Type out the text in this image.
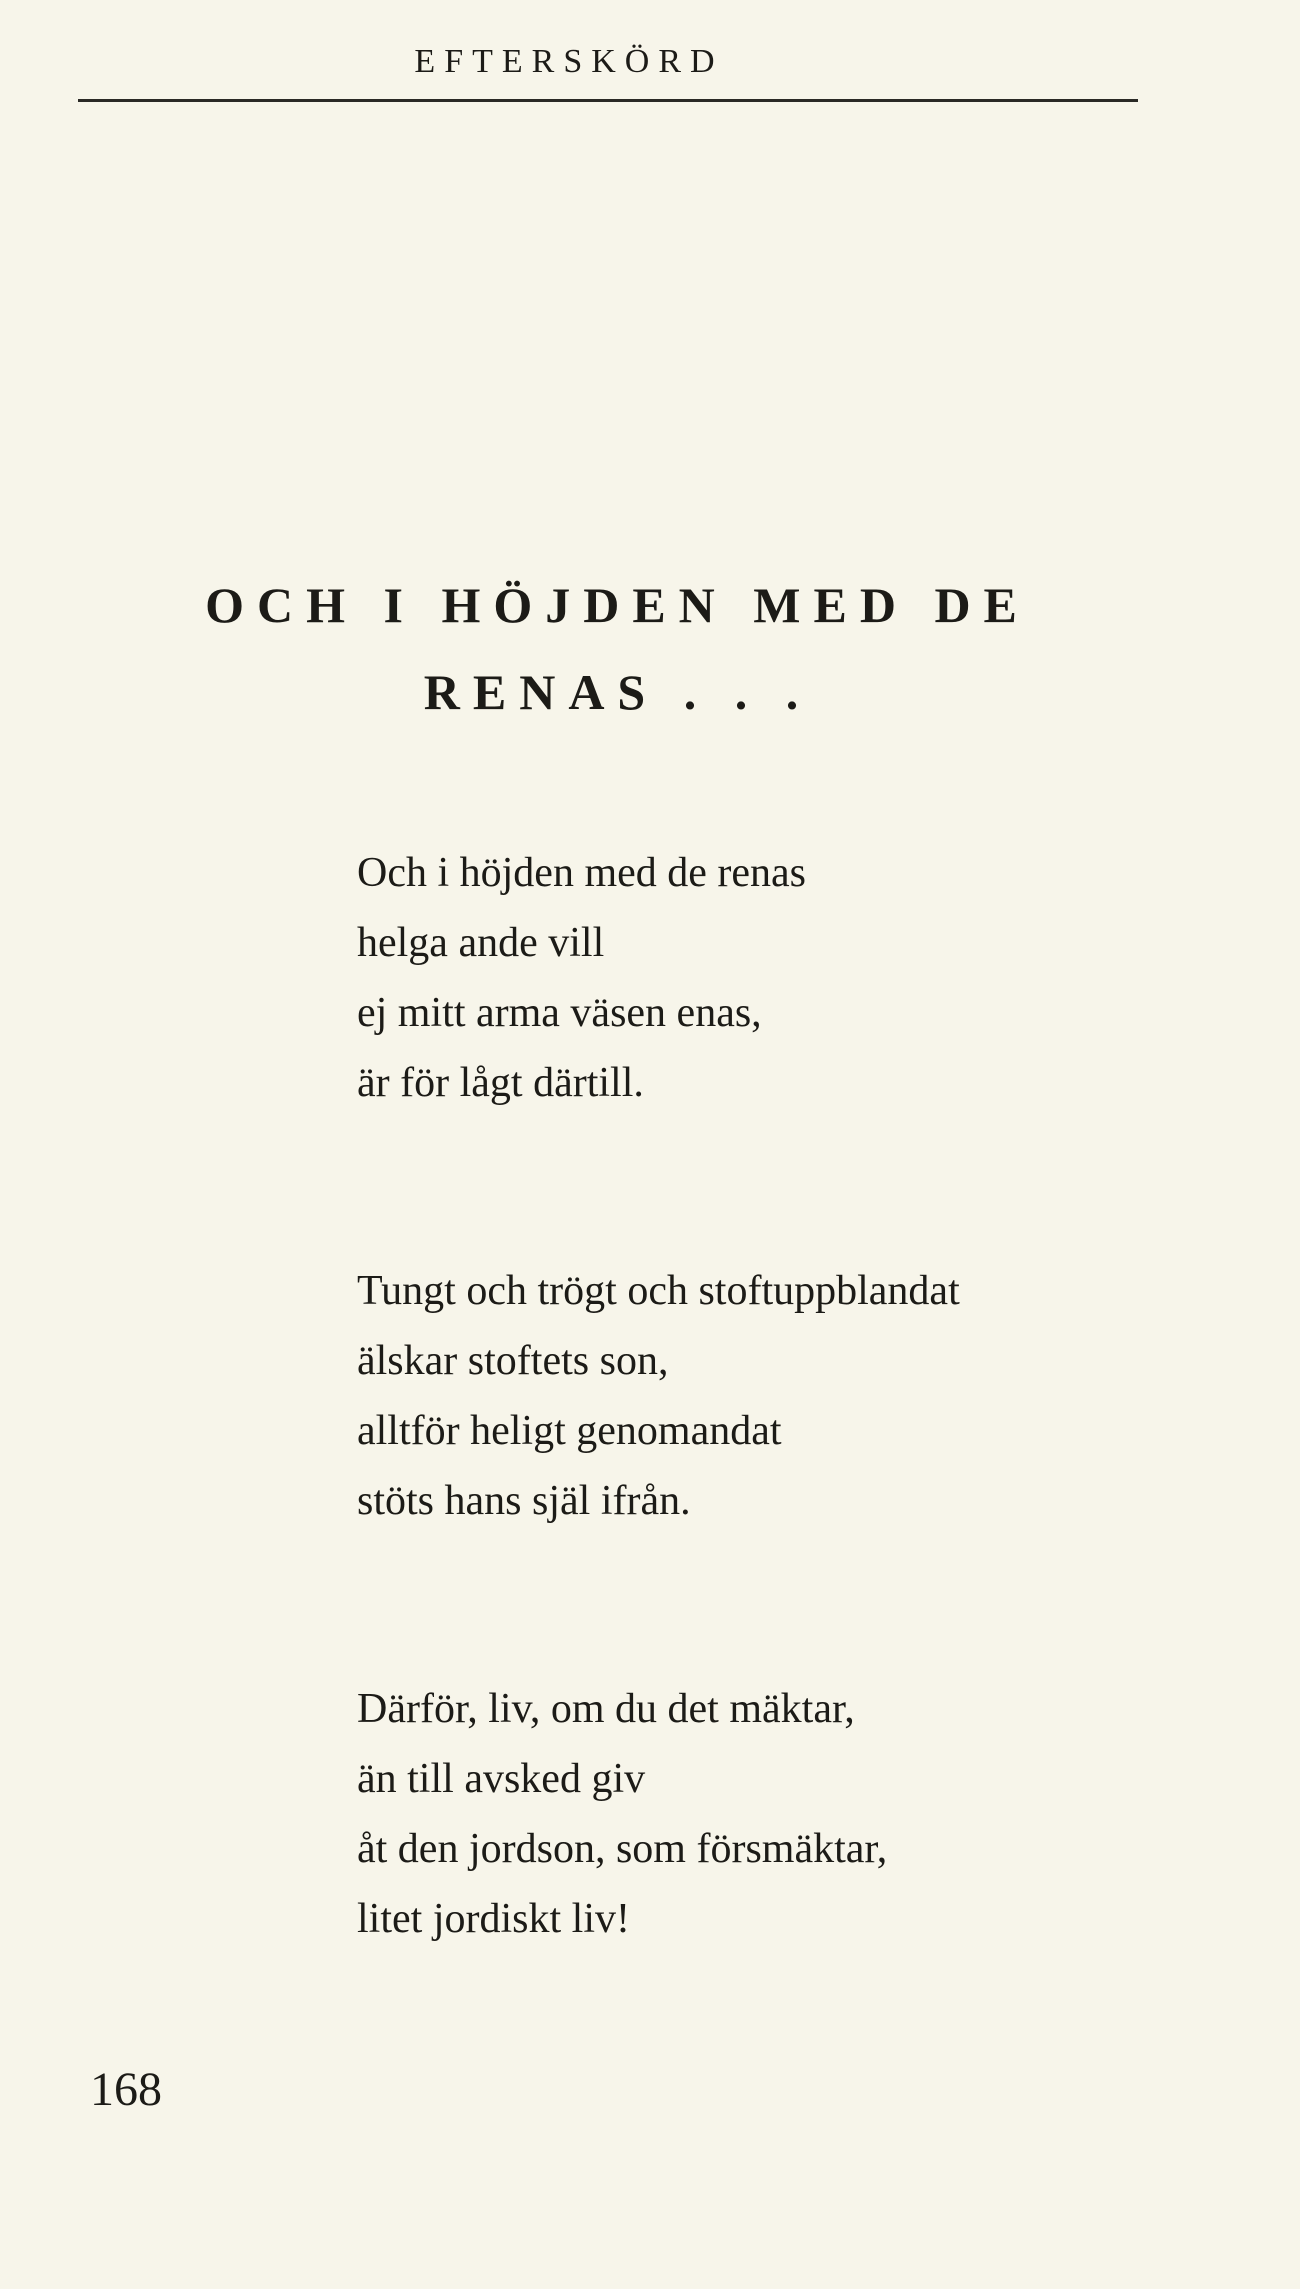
EFTERSKÖRD
OCH I HÖJDEN MED DE
RENAS . . .
Och i höjden med de renas
helga ande vill
ej mitt arma väsen enas,
är för lågt därtill.
Tungt och trögt och stoftuppblandat
älskar stoftets son,
alltför heligt genomandat
stöts hans själ ifrån.
Därför, liv, om du det mäktar,
än till avsked giv
åt den jordson, som försmäktar,
litet jordiskt liv!
168
